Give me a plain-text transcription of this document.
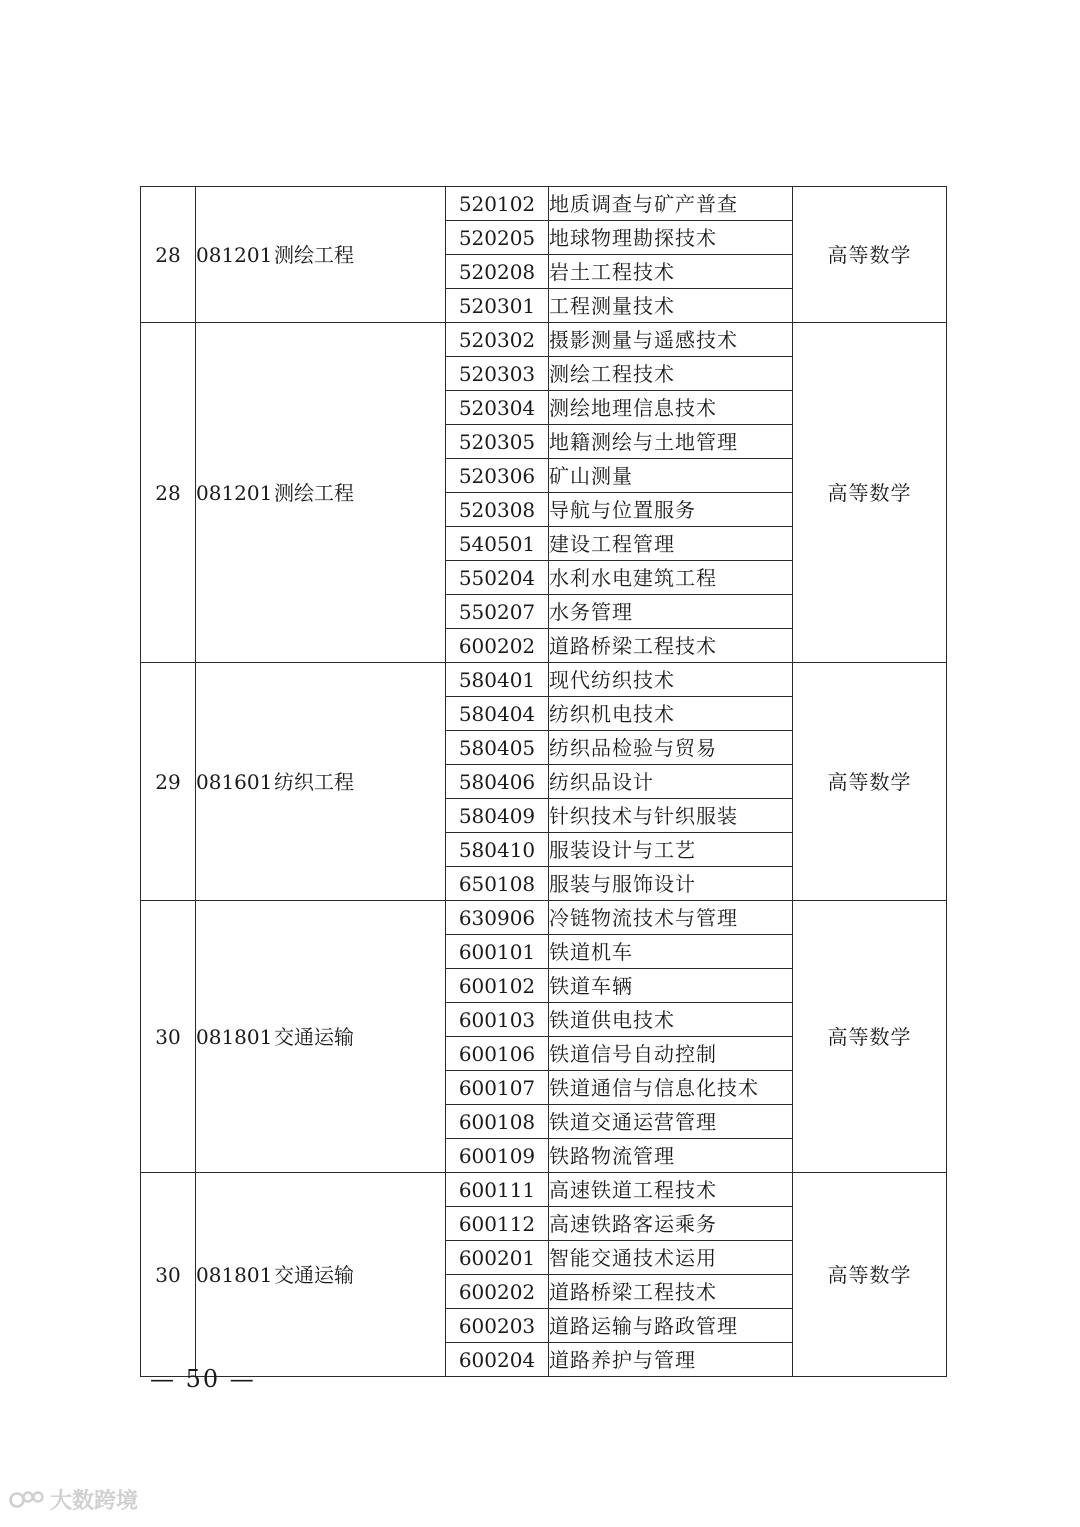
28	081201测绘工程	520102	地质调查与矿产普查	高等数学
		520205	地球物理勘探技术	
		520208	岩土工程技术	
		520301	工程测量技术	
28	081201测绘工程	520302	摄影测量与遥感技术	高等数学
		520303	测绘工程技术	
		520304	测绘地理信息技术	
		520305	地籍测绘与土地管理	
		520306	矿山测量	
		520308	导航与位置服务	
		540501	建设工程管理	
		550204	水利水电建筑工程	
		550207	水务管理	
		600202	道路桥梁工程技术	
29	081601纺织工程	580401	现代纺织技术	高等数学
		580404	纺织机电技术	
		580405	纺织品检验与贸易	
		580406	纺织品设计	
		580409	针织技术与针织服装	
		580410	服装设计与工艺	
		650108	服装与服饰设计	
30	081801交通运输	630906	冷链物流技术与管理	高等数学
		600101	铁道机车	
		600102	铁道车辆	
		600103	铁道供电技术	
		600106	铁道信号自动控制	
		600107	铁道通信与信息化技术	
		600108	铁道交通运营管理	
		600109	铁路物流管理	
30	081801交通运输	600111	高速铁道工程技术	高等数学
		600112	高速铁路客运乘务	
		600201	智能交通技术运用	
		600202	道路桥梁工程技术	
		600203	道路运输与路政管理	
		600204	道路养护与管理	
— 50 —
大数跨境
